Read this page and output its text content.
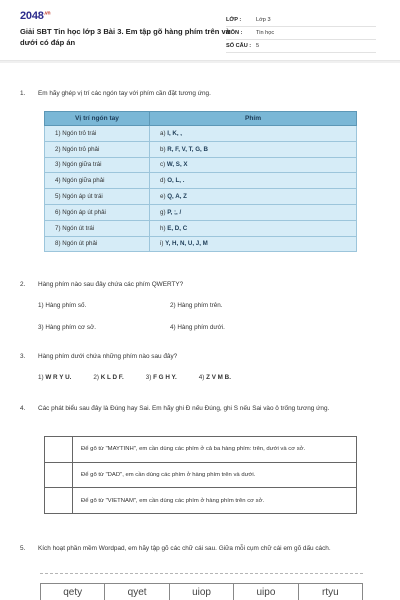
$2048^{.vn}$
Giải SBT Tin học lớp 3 Bài 3. Em tập gõ hàng phím trên và dưới có đáp án
LỚP :	Lớp 3
MÔN :	Tin học
SỐ CÂU : 5
1.	Em hãy ghép vị trí các ngón tay với phím cần đặt tương ứng.
Vị trí ngón tay	Phím
1) Ngón trỏ trái	a) I, K, ,
2) Ngón trỏ phải	b) R, F, V, T, G, B
3) Ngón giữa trái	c) W, S, X
4) Ngón giữa phải	d) O, L, .
5) Ngón áp út trái	e) Q, A, Z
6) Ngón áp út phải	g) P, ;, /
7) Ngón út trái	h) E, D, C
8) Ngón út phải	i) Y, H, N, U, J, M
2.	Hàng phím nào sau đây chứa các phím QWERTY?
1) Hàng phím số.	2) Hàng phím trên.
3) Hàng phím cơ sở.	4) Hàng phím dưới.
3.	Hàng phím dưới chứa những phím nào sau đây?
1) W R Y U.	2) K L D F.	3) F G H Y.	4) Z V M B.
4.	Các phát biểu sau đây là Đúng hay Sai. Em hãy ghi Đ nếu Đúng, ghi S nếu Sai vào ô trống tương ứng.
	Để gõ từ "MAYTINH", em cần dùng các phím ở cả ba hàng phím: trên, dưới và cơ sở.
	Để gõ từ "DAD", em cần dùng các phím ở hàng phím trên và dưới.
	Để gõ từ "VIETNAM", em cần dùng các phím ở hàng phím trên cơ sở.
5.	Kích hoạt phần mềm Wordpad, em hãy tập gõ các chữ cái sau. Giữa mỗi cụm chữ cái em gõ dấu cách.
qety	qyet	uiop	uipo	rtyu
